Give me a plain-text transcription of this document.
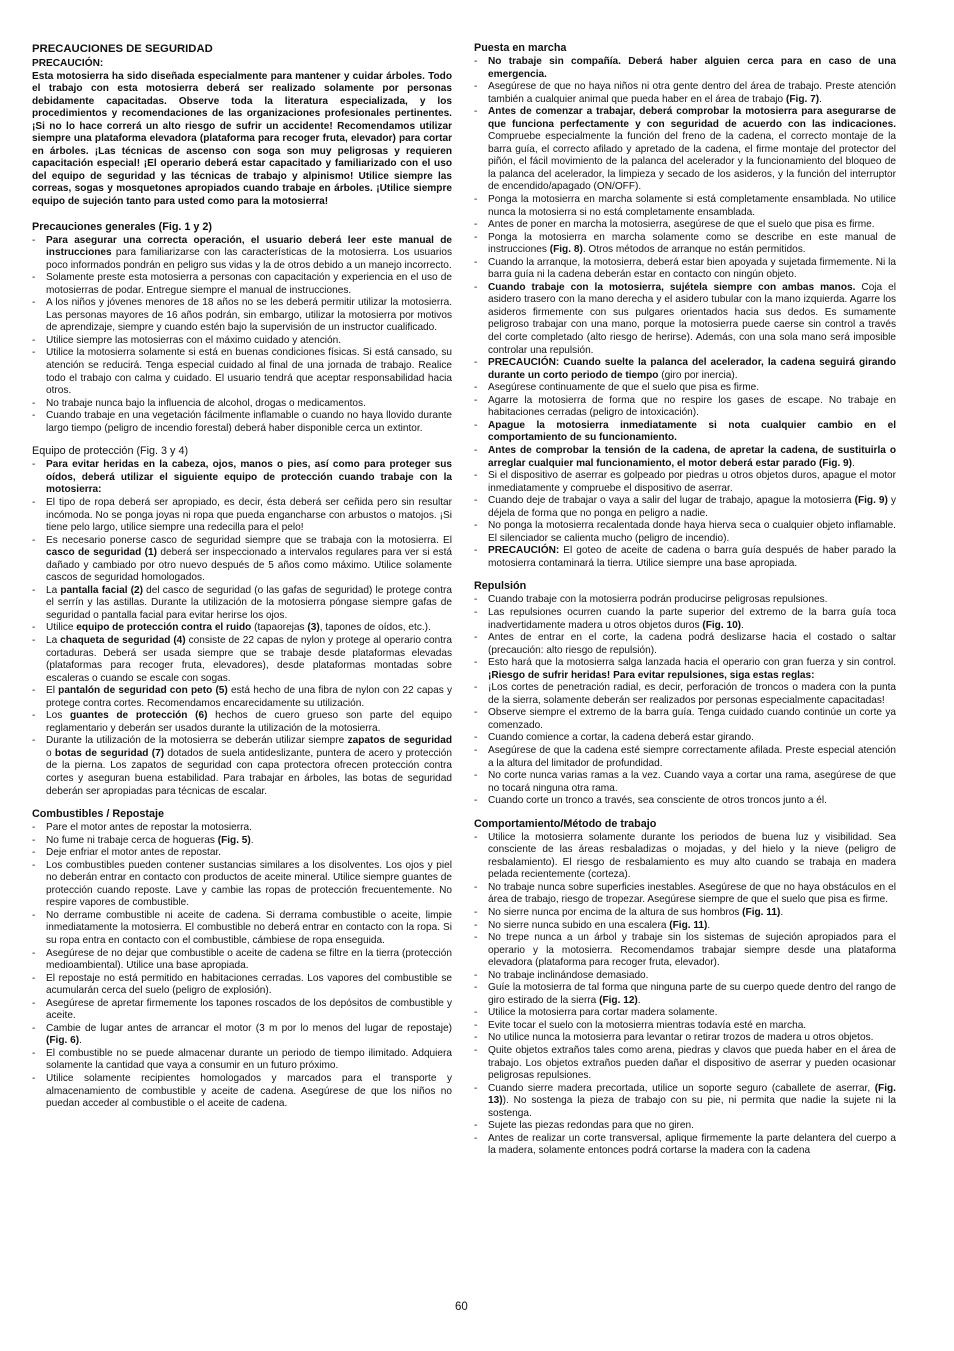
PRECAUCIONES DE SEGURIDAD
PRECAUCIÓN:
Esta motosierra ha sido diseñada especialmente para mantener y cuidar árboles. Todo el trabajo con esta motosierra deberá ser realizado solamente por personas debidamente capacitadas. Observe toda la literatura especializada, y los procedimientos y recomendaciones de las organizaciones profesionales pertinentes. ¡Si no lo hace correrá un alto riesgo de sufrir un accidente! Recomendamos utilizar siempre una plataforma elevadora (plataforma para recoger fruta, elevador) para cortar en árboles. ¡Las técnicas de ascenso con soga son muy peligrosas y requieren capacitación especial! ¡El operario deberá estar capacitado y familiarizado con el uso del equipo de seguridad y las técnicas de trabajo y alpinismo! Utilice siempre las correas, sogas y mosquetones apropiados cuando trabaje en árboles. ¡Utilice siempre equipo de sujeción tanto para usted como para la motosierra!
Precauciones generales (Fig. 1 y 2)
- Para asegurar una correcta operación, el usuario deberá leer este manual de instrucciones para familiarizarse con las características de la motosierra. Los usuarios poco informados pondrán en peligro sus vidas y la de otros debido a un manejo incorrecto.
- Solamente preste esta motosierra a personas con capacitación y experiencia en el uso de motosierras de podar. Entregue siempre el manual de instrucciones.
- A los niños y jóvenes menores de 18 años no se les deberá permitir utilizar la motosierra. Las personas mayores de 16 años podrán, sin embargo, utilizar la motosierra por motivos de aprendizaje, siempre y cuando estén bajo la supervisión de un instructor cualificado.
- Utilice siempre las motosierras con el máximo cuidado y atención.
- Utilice la motosierra solamente si está en buenas condiciones físicas. Si está cansado, su atención se reducirá. Tenga especial cuidado al final de una jornada de trabajo. Realice todo el trabajo con calma y cuidado. El usuario tendrá que aceptar responsabilidad hacia otros.
- No trabaje nunca bajo la influencia de alcohol, drogas o medicamentos.
- Cuando trabaje en una vegetación fácilmente inflamable o cuando no haya llovido durante largo tiempo (peligro de incendio forestal) deberá haber disponible cerca un extintor.
Equipo de protección (Fig. 3 y 4)
- Para evitar heridas en la cabeza, ojos, manos o pies, así como para proteger sus oídos, deberá utilizar el siguiente equipo de protección cuando trabaje con la motosierra:
- El tipo de ropa deberá ser apropiado, es decir, ésta deberá ser ceñida pero sin resultar incómoda. No se ponga joyas ni ropa que pueda engancharse con arbustos o matojos. ¡Si tiene pelo largo, utilice siempre una redecilla para el pelo!
- Es necesario ponerse casco de seguridad siempre que se trabaja con la motosierra. El casco de seguridad (1) deberá ser inspeccionado a intervalos regulares para ver si está dañado y cambiado por otro nuevo después de 5 años como máximo. Utilice solamente cascos de seguridad homologados.
- La pantalla facial (2) del casco de seguridad (o las gafas de seguridad) le protege contra el serrín y las astillas. Durante la utilización de la motosierra póngase siempre gafas de seguridad o pantalla facial para evitar herirse los ojos.
- Utilice equipo de protección contra el ruido (tapaorejas (3), tapones de oídos, etc.).
- La chaqueta de seguridad (4) consiste de 22 capas de nylon y protege al operario contra cortaduras. Deberá ser usada siempre que se trabaje desde plataformas elevadas (plataformas para recoger fruta, elevadores), desde plataformas montadas sobre escaleras o cuando se escale con sogas.
- El pantalón de seguridad con peto (5) está hecho de una fibra de nylon con 22 capas y protege contra cortes. Recomendamos encarecidamente su utilización.
- Los guantes de protección (6) hechos de cuero grueso son parte del equipo reglamentario y deberán ser usados durante la utilización de la motosierra.
- Durante la utilización de la motosierra se deberán utilizar siempre zapatos de seguridad o botas de seguridad (7) dotados de suela antideslizante, puntera de acero y protección de la pierna. Los zapatos de seguridad con capa protectora ofrecen protección contra cortes y aseguran buena estabilidad. Para trabajar en árboles, las botas de seguridad deberán ser apropiadas para técnicas de escalar.
Combustibles / Repostaje
- Pare el motor antes de repostar la motosierra.
- No fume ni trabaje cerca de hogueras (Fig. 5).
- Deje enfriar el motor antes de repostar.
- Los combustibles pueden contener sustancias similares a los disolventes. Los ojos y piel no deberán entrar en contacto con productos de aceite mineral. Utilice siempre guantes de protección cuando reposte. Lave y cambie las ropas de protección frecuentemente. No respire vapores de combustible.
- No derrame combustible ni aceite de cadena. Si derrama combustible o aceite, limpie inmediatamente la motosierra. El combustible no deberá entrar en contacto con la ropa. Si su ropa entra en contacto con el combustible, cámbiese de ropa enseguida.
- Asegúrese de no dejar que combustible o aceite de cadena se filtre en la tierra (protección medioambiental). Utilice una base apropiada.
- El repostaje no está permitido en habitaciones cerradas. Los vapores del combustible se acumularán cerca del suelo (peligro de explosión).
- Asegúrese de apretar firmemente los tapones roscados de los depósitos de combustible y aceite.
- Cambie de lugar antes de arrancar el motor (3 m por lo menos del lugar de repostaje) (Fig. 6).
- El combustible no se puede almacenar durante un periodo de tiempo ilimitado. Adquiera solamente la cantidad que vaya a consumir en un futuro próximo.
- Utilice solamente recipientes homologados y marcados para el transporte y almacenamiento de combustible y aceite de cadena. Asegúrese de que los niños no puedan acceder al combustible o el aceite de cadena.
Puesta en marcha
- No trabaje sin compañía. Deberá haber alguien cerca para en caso de una emergencia.
- Asegúrese de que no haya niños ni otra gente dentro del área de trabajo. Preste atención también a cualquier animal que pueda haber en el área de trabajo (Fig. 7).
- Antes de comenzar a trabajar, deberá comprobar la motosierra para asegurarse de que funciona perfectamente y con seguridad de acuerdo con las indicaciones. Compruebe especialmente la función del freno de la cadena, el correcto montaje de la barra guía, el correcto afilado y apretado de la cadena, el firme montaje del protector del piñón, el fácil movimiento de la palanca del acelerador y la funcionamiento del bloqueo de la palanca del acelerador, la limpieza y secado de los asideros, y la función del interruptor de encendido/apagado (ON/OFF).
- Ponga la motosierra en marcha solamente si está completamente ensamblada. No utilice nunca la motosierra si no está completamente ensamblada.
- Antes de poner en marcha la motosierra, asegúrese de que el suelo que pisa es firme.
- Ponga la motosierra en marcha solamente como se describe en este manual de instrucciones (Fig. 8). Otros métodos de arranque no están permitidos.
- Cuando la arranque, la motosierra, deberá estar bien apoyada y sujetada firmemente. Ni la barra guía ni la cadena deberán estar en contacto con ningún objeto.
- Cuando trabaje con la motosierra, sujétela siempre con ambas manos. Coja el asidero trasero con la mano derecha y el asidero tubular con la mano izquierda. Agarre los asideros firmemente con sus pulgares orientados hacia sus dedos. Es sumamente peligroso trabajar con una mano, porque la motosierra puede caerse sin control a través del corte completado (alto riesgo de herirse). Además, con una sola mano será imposible controlar una repulsión.
- PRECAUCIÓN: Cuando suelte la palanca del acelerador, la cadena seguirá girando durante un corto periodo de tiempo (giro por inercia).
- Asegúrese continuamente de que el suelo que pisa es firme.
- Agarre la motosierra de forma que no respire los gases de escape. No trabaje en habitaciones cerradas (peligro de intoxicación).
- Apague la motosierra inmediatamente si nota cualquier cambio en el comportamiento de su funcionamiento.
- Antes de comprobar la tensión de la cadena, de apretar la cadena, de sustituirla o arreglar cualquier mal funcionamiento, el motor deberá estar parado (Fig. 9).
- Si el dispositivo de aserrar es golpeado por piedras u otros objetos duros, apague el motor inmediatamente y compruebe el dispositivo de aserrar.
- Cuando deje de trabajar o vaya a salir del lugar de trabajo, apague la motosierra (Fig. 9) y déjela de forma que no ponga en peligro a nadie.
- No ponga la motosierra recalentada donde haya hierva seca o cualquier objeto inflamable. El silenciador se calienta mucho (peligro de incendio).
- PRECAUCIÓN: El goteo de aceite de cadena o barra guía después de haber parado la motosierra contaminará la tierra. Utilice siempre una base apropiada.
Repulsión
- Cuando trabaje con la motosierra podrán producirse peligrosas repulsiones.
- Las repulsiones ocurren cuando la parte superior del extremo de la barra guía toca inadvertidamente madera u otros objetos duros (Fig. 10).
- Antes de entrar en el corte, la cadena podrá deslizarse hacia el costado o saltar (precaución: alto riesgo de repulsión).
- Esto hará que la motosierra salga lanzada hacia el operario con gran fuerza y sin control. ¡Riesgo de sufrir heridas! Para evitar repulsiones, siga estas reglas:
- ¡Los cortes de penetración radial, es decir, perforación de troncos o madera con la punta de la sierra, solamente deberán ser realizados por personas especialmente capacitadas!
- Observe siempre el extremo de la barra guía. Tenga cuidado cuando continúe un corte ya comenzado.
- Cuando comience a cortar, la cadena deberá estar girando.
- Asegúrese de que la cadena esté siempre correctamente afilada. Preste especial atención a la altura del limitador de profundidad.
- No corte nunca varias ramas a la vez. Cuando vaya a cortar una rama, asegúrese de que no tocará ninguna otra rama.
- Cuando corte un tronco a través, sea consciente de otros troncos junto a él.
Comportamiento/Método de trabajo
- Utilice la motosierra solamente durante los periodos de buena luz y visibilidad. Sea consciente de las áreas resbaladizas o mojadas, y del hielo y la nieve (peligro de resbalamiento). El riesgo de resbalamiento es muy alto cuando se trabaja en madera pelada recientemente (corteza).
- No trabaje nunca sobre superficies inestables. Asegúrese de que no haya obstáculos en el área de trabajo, riesgo de tropezar. Asegúrese siempre de que el suelo que pisa es firme.
- No sierre nunca por encima de la altura de sus hombros (Fig. 11).
- No sierre nunca subido en una escalera (Fig. 11).
- No trepe nunca a un árbol y trabaje sin los sistemas de sujeción apropiados para el operario y la motosierra. Recomendamos trabajar siempre desde una plataforma elevadora (plataforma para recoger fruta, elevador).
- No trabaje inclinándose demasiado.
- Guíe la motosierra de tal forma que ninguna parte de su cuerpo quede dentro del rango de giro estirado de la sierra (Fig. 12).
- Utilice la motosierra para cortar madera solamente.
- Evite tocar el suelo con la motosierra mientras todavía esté en marcha.
- No utilice nunca la motosierra para levantar o retirar trozos de madera u otros objetos.
- Quite objetos extraños tales como arena, piedras y clavos que pueda haber en el área de trabajo. Los objetos extraños pueden dañar el dispositivo de aserrar y pueden ocasionar peligrosas repulsiones.
- Cuando sierre madera precortada, utilice un soporte seguro (caballete de aserrar, (Fig. 13)). No sostenga la pieza de trabajo con su pie, ni permita que nadie la sujete ni la sostenga.
- Sujete las piezas redondas para que no giren.
- Antes de realizar un corte transversal, aplique firmemente la parte delantera del cuerpo a la madera, solamente entonces podrá cortarse la madera con la cadena
60
